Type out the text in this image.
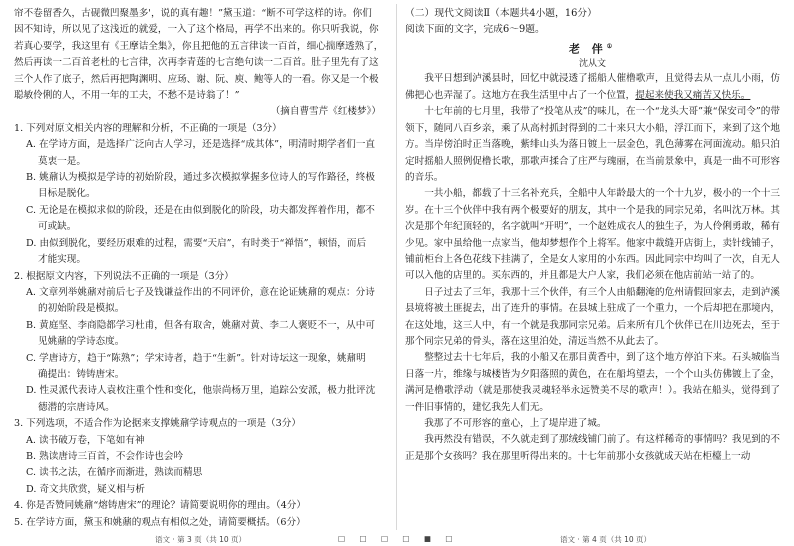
帘不卷留香久，古砚微凹聚墨多'，说的真有趣！”黛玉道：“断不可学这样的诗。你们

因不知诗，所以见了这浅近的就爱，一入了这个格局，再学不出来的。你只听我说，你

若真心要学，我这里有《王摩诘全集》，你且把他的五言律读一百首，细心揣摩透熟了，

然后再读一二百首老杜的七言律，次再李青莲的七言绝句读一二百首。肚子里先有了这

三个人作了底子，然后再把陶渊明、应玚、谢、阮、庾、鲍等人的一看。你又是一个极

聪敏伶俐的人，不用一年的工夫，不愁不是诗翁了！”

（摘自曹雪芹《红楼梦》）

1. 下列对原文相关内容的理解和分析，不正确的一项是（3分）

A. 在学诗方面，是选择广泛向古人学习，还是选择“成其体”，明清时期学者们一直

莫衷一是。

B. 姚鼐认为模拟是学诗的初始阶段，通过多次模拟掌握多位诗人的写作路径，终极

目标是脱化。

C. 无论是在模拟求似的阶段，还是在由似到脱化的阶段，功夫都发挥着作用，都不

可或缺。

D. 由似到脱化，要经历艰难的过程，需要“天启”，有时类于“禅悟”，顿悟，而后

才能实现。

2. 根据原文内容，下列说法不正确的一项是（3分）

A. 文章列举姚鼐对前后七子及钱谦益作出的不同评价，意在论证姚鼐的观点：分诗

的初始阶段是模拟。

B. 黄庭坚、李商隐都学习杜甫，但各有取舍，姚鼐对黄、李二人褒贬不一，从中可

见姚鼐的学诗态度。

C. 学唐诗方，趋于“陈熟”；学宋诗者，趋于“生新”。针对诗坛这一现象，姚鼐明

确提出：铸铸唐宋。

D. 性灵派代表诗人袁枚注重个性和变化，他崇尚杨万里，追踪公安派，极力批评沈

德潜的宗唐诗风。

3. 下列选项，不适合作为论据来支撑姚鼐学诗观点的一项是（3分）

A. 读书破万卷，下笔如有神

B. 熟读唐诗三百首，不会作诗也会吟

C. 读书之法，在循序而渐进，熟读而精思

D. 奇文共欣赏，疑义相与析

4. 你是否赞同姚鼐“熔铸唐宋”的理论？请简要说明你的理由。（4分）

5. 在学诗方面，黛玉和姚鼐的观点有相似之处，请简要概括。（6分）

（二）现代文阅读Ⅱ（本题共4小题，16分）

阅读下面的文字，完成6～9题。

老 伴①

沈从文

我平日想到泸溪县时，回忆中就浸透了摇船人催橹歌声，且觉得去从一点儿小雨，仿佛把心也弄湿了。这地方在我生活里中占了一个位置，提起来使我又痛苦又快乐。

十七年前的七月里，我带了“投笔从戎”的味儿，在一个“龙头大哥”兼“保安司令”的带领下，随同八百乡亲，乘了从高村抓封得到的二十来只大小船，浮江而下，来到了这个地方。当岸傍泊时正当落晚，紫绯山头为落日镀上一层金色，乳色薄雾在河面流动。船只泊定时摇船人照例促橹长歌，那歌声揉合了庄严与瑰丽，在当前景象中，真是一曲不可形容的音乐。

一共小船，都载了十三名补充兵，全船中人年龄最大的一个十九岁，极小的一个十三岁。在十三个伙伴中我有两个极要好的朋友，其中一个是我的同宗兄弟，名叫沈万林。其次是那个年纪顶轻的，名字就叫“开明”，一个赵姓成衣人的独生子，为人伶俐勇敢，稀有少见。家中虽给他一点家当，他却梦想作个上将军。他家中裁缝开店街上，卖针线铺子，铺前柜台上各色花线下挂满了，全是女人家用的小东西。因此同宗中均叫了一次，自无人可以入他的店里的。买东西的，并且都是大户人家，我们必须在他店前站一站了的。

日子过去了三年，我那十三个伙伴，有三个人由船翻淹的危州请假回家去，走到泸溪县境将被土匪捉去，出了连升的事情。在县城上驻成了一个重力，一个后却把在那境内，在这处地，这三人中，有一个就是我那同宗兄弟。后来所有几个伙伴已在川边死去，至于那个同宗兄弟的骨头，落在这里泊处，清远当然不从此去了。

整整过去十七年后，我的小船又在那目黄香中，到了这个地方停泊下来。石头城临当日落一片，维缘与城楼皆为夕阳落照的黄色，在在船坞望去，一个个山头仿佛镀上了金，满河是橹歌浮动（就是那使我灵魂轻举永远赞美不尽的歌声！）。我站在船头，觉得到了一件旧事情的，建忆我先人们无。

我那了不可形容的童心，上了堤岸进了城。

我再然没有错误，不久就走到了那绒线铺门前了。有这样稀奇的事情吗？我见到的不正是那个女孩吗？我在那里听得出来的。十七年前那小女孩就成天站在柜檯上一动

语文 · 第 3 页（共 10 页）	□ □ □ □ ■ □	语文 · 第 4 页（共 10 页）
